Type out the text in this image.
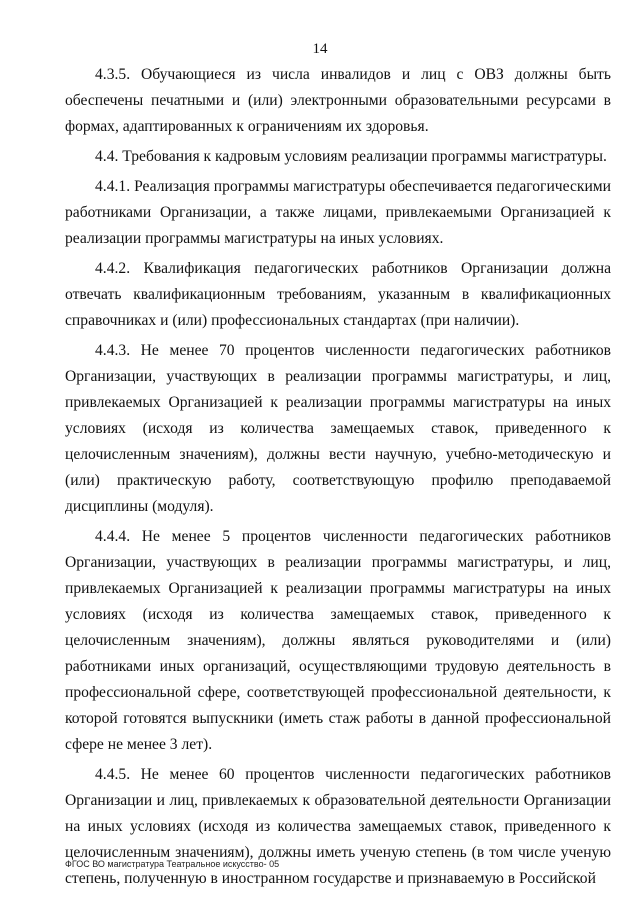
14

4.3.5. Обучающиеся из числа инвалидов и лиц с ОВЗ должны быть обеспечены печатными и (или) электронными образовательными ресурсами в формах, адаптированных к ограничениям их здоровья.

4.4. Требования к кадровым условиям реализации программы магистратуры.

4.4.1. Реализация программы магистратуры обеспечивается педагогическими работниками Организации, а также лицами, привлекаемыми Организацией к реализации программы магистратуры на иных условиях.

4.4.2. Квалификация педагогических работников Организации должна отвечать квалификационным требованиям, указанным в квалификационных справочниках и (или) профессиональных стандартах (при наличии).

4.4.3. Не менее 70 процентов численности педагогических работников Организации, участвующих в реализации программы магистратуры, и лиц, привлекаемых Организацией к реализации программы магистратуры на иных условиях (исходя из количества замещаемых ставок, приведенного к целочисленным значениям), должны вести научную, учебно-методическую и (или) практическую работу, соответствующую профилю преподаваемой дисциплины (модуля).

4.4.4. Не менее 5 процентов численности педагогических работников Организации, участвующих в реализации программы магистратуры, и лиц, привлекаемых Организацией к реализации программы магистратуры на иных условиях (исходя из количества замещаемых ставок, приведенного к целочисленным значениям), должны являться руководителями и (или) работниками иных организаций, осуществляющими трудовую деятельность в профессиональной сфере, соответствующей профессиональной деятельности, к которой готовятся выпускники (иметь стаж работы в данной профессиональной сфере не менее 3 лет).

4.4.5. Не менее 60 процентов численности педагогических работников Организации и лиц, привлекаемых к образовательной деятельности Организации на иных условиях (исходя из количества замещаемых ставок, приведенного к целочисленным значениям), должны иметь ученую степень (в том числе ученую степень, полученную в иностранном государстве и признаваемую в Российской

ФГОС ВО магистратура Театральное искусство- 05
